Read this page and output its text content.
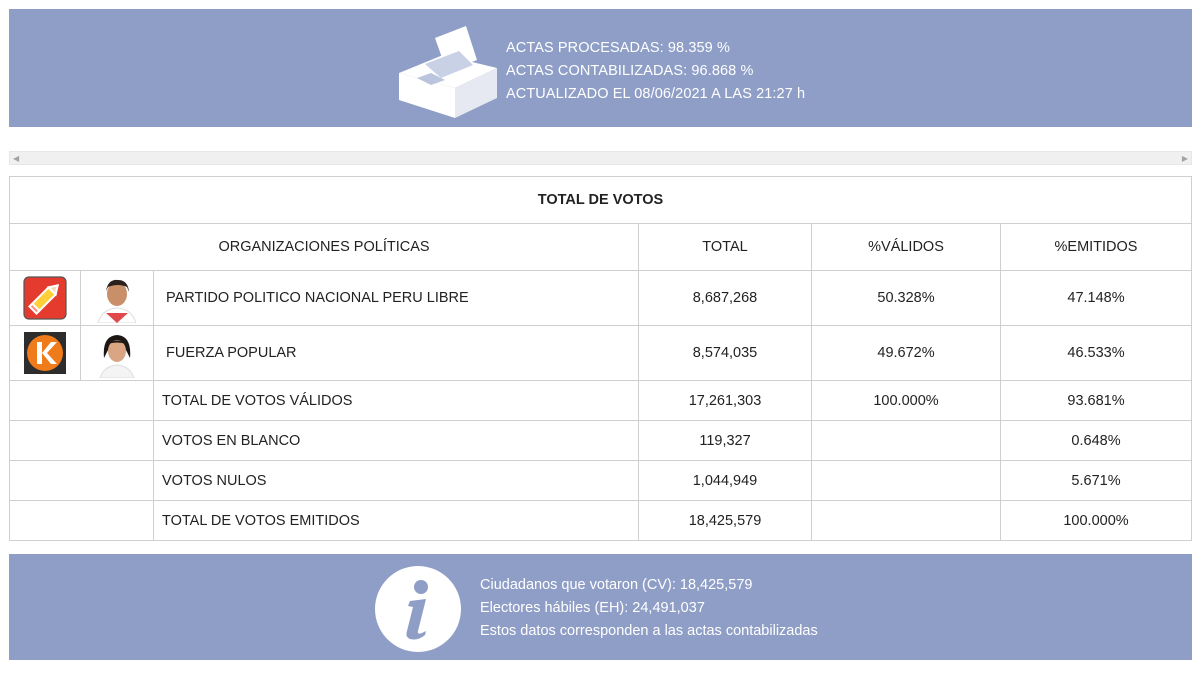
ACTAS PROCESADAS: 98.359 %
ACTAS CONTABILIZADAS: 96.868 %
ACTUALIZADO EL 08/06/2021 A LAS 21:27 h
◀	▶
TOTAL DE VOTOS					
ORGANIZACIONES POLÍTICAS			TOTAL	%VÁLIDOS	%EMITIDOS

	PARTIDO POLITICO NACIONAL PERU LIBRE	8,687,268	50.328%	47.148%

	FUERZA POPULAR	8,574,035	49.672%	46.533%
		TOTAL DE VOTOS VÁLIDOS	17,261,303	100.000%	93.681%
		VOTOS EN BLANCO	119,327		0.648%
		VOTOS NULOS	1,044,949		5.671%
		TOTAL DE VOTOS EMITIDOS	18,425,579		100.000%
Ciudadanos que votaron (CV): 18,425,579
Electores hábiles (EH): 24,491,037
Estos datos corresponden a las actas contabilizadas
